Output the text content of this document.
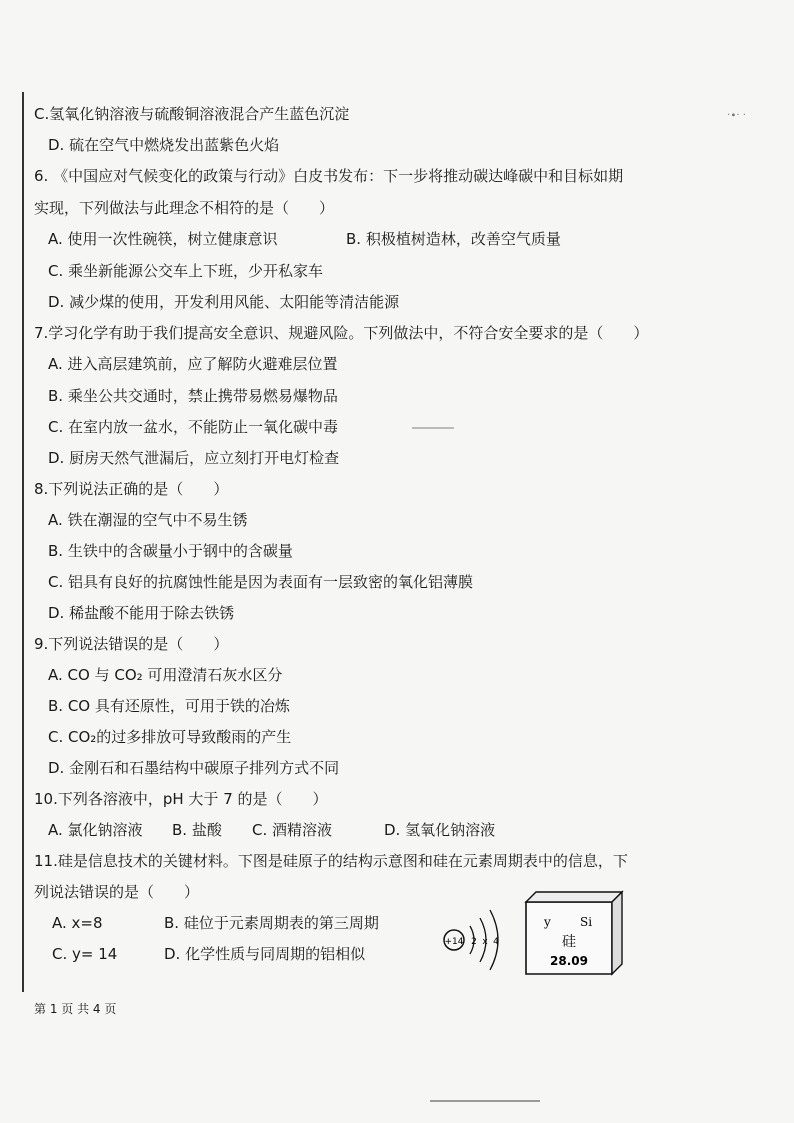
·∙· ·
C.氢氧化钠溶液与硫酸铜溶液混合产生蓝色沉淀
D. 硫在空气中燃烧发出蓝紫色火焰
6. 《中国应对气候变化的政策与行动》白皮书发布：下一步将推动碳达峰碳中和目标如期
实现，下列做法与此理念不相符的是（　　）
A. 使用一次性碗筷，树立健康意识	B. 积极植树造林，改善空气质量
C. 乘坐新能源公交车上下班，少开私家车
D. 减少煤的使用，开发利用风能、太阳能等清洁能源
7.学习化学有助于我们提高安全意识、规避风险。下列做法中，不符合安全要求的是（　　）
A. 进入高层建筑前，应了解防火避难层位置
B. 乘坐公共交通时，禁止携带易燃易爆物品
C. 在室内放一盆水，不能防止一氧化碳中毒
D. 厨房天然气泄漏后，应立刻打开电灯检查
8.下列说法正确的是（　　）
A. 铁在潮湿的空气中不易生锈
B. 生铁中的含碳量小于钢中的含碳量
C. 铝具有良好的抗腐蚀性能是因为表面有一层致密的氧化铝薄膜
D. 稀盐酸不能用于除去铁锈
9.下列说法错误的是（　　）
A. CO 与 CO₂ 可用澄清石灰水区分
B. CO 具有还原性，可用于铁的冶炼
C. CO₂的过多排放可导致酸雨的产生
D. 金刚石和石墨结构中碳原子排列方式不同
10.下列各溶液中，pH 大于 7 的是（　　）
A. 氯化钠溶液 B. 盐酸 C. 酒精溶液	D. 氢氧化钠溶液
11.硅是信息技术的关键材料。下图是硅原子的结构示意图和硅在元素周期表中的信息，下
列说法错误的是（　　）
A. x=8	B. 硅位于元素周期表的第三周期
C. y= 14	D. 化学性质与同周期的铝相似
+14 2 x 4
y Si
硅
28.09
第 1 页 共 4 页
